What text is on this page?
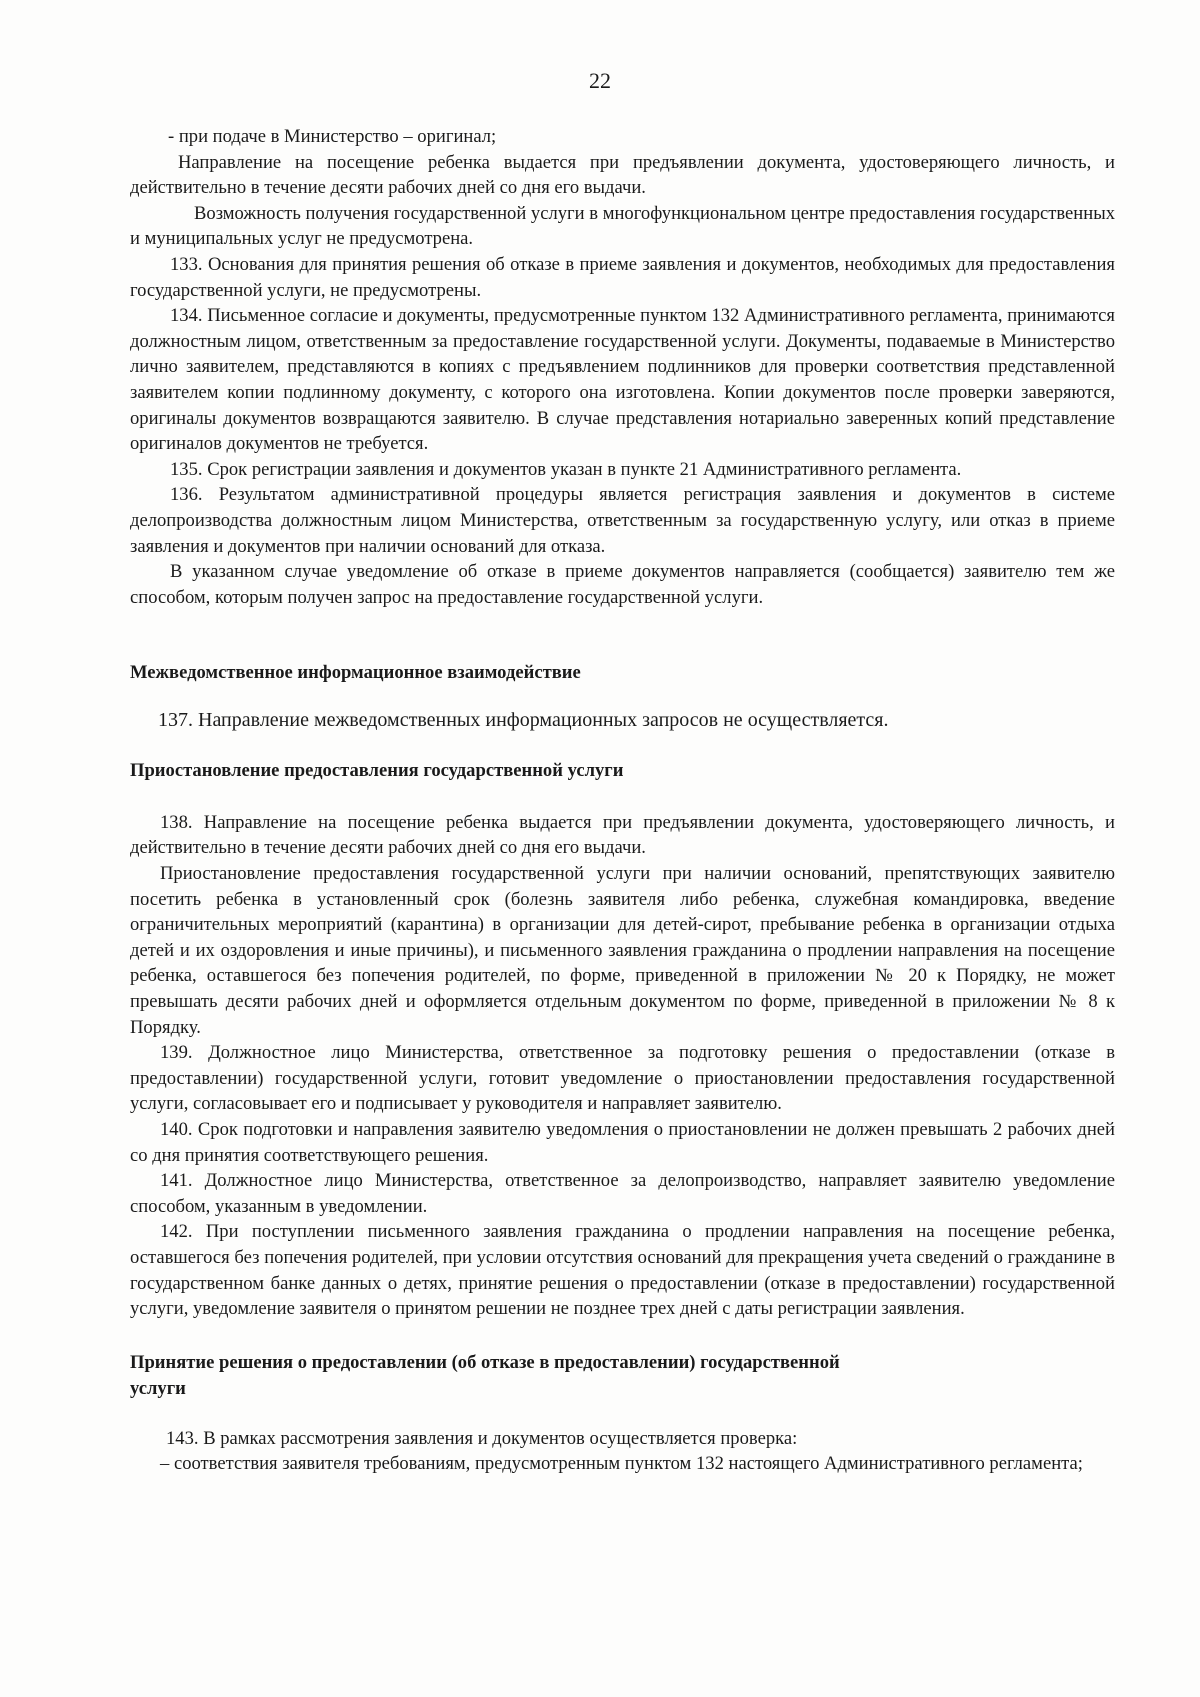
22

- при подаче в Министерство – оригинал;

Направление на посещение ребенка выдается при предъявлении документа, удостоверяющего личность, и действительно в течение десяти рабочих дней со дня его выдачи.

Возможность получения государственной услуги в многофункциональном центре предоставления государственных и муниципальных услуг не предусмотрена.

133. Основания для принятия решения об отказе в приеме заявления и документов, необходимых для предоставления государственной услуги, не предусмотрены.

134. Письменное согласие и документы, предусмотренные пунктом 132 Административного регламента, принимаются должностным лицом, ответственным за предоставление государственной услуги. Документы, подаваемые в Министерство лично заявителем, представляются в копиях с предъявлением подлинников для проверки соответствия представленной заявителем копии подлинному документу, с которого она изготовлена. Копии документов после проверки заверяются, оригиналы документов возвращаются заявителю. В случае представления нотариально заверенных копий представление оригиналов документов не требуется.

135. Срок регистрации заявления и документов указан в пункте 21 Административного регламента.

136. Результатом административной процедуры является регистрация заявления и документов в системе делопроизводства должностным лицом Министерства, ответственным за государственную услугу, или отказ в приеме заявления и документов при наличии оснований для отказа.

В указанном случае уведомление об отказе в приеме документов направляется (сообщается) заявителю тем же способом, которым получен запрос на предоставление государственной услуги.

Межведомственное информационное взаимодействие

137. Направление межведомственных информационных запросов не осуществляется.

Приостановление предоставления государственной услуги

138. Направление на посещение ребенка выдается при предъявлении документа, удостоверяющего личность, и действительно в течение десяти рабочих дней со дня его выдачи.

Приостановление предоставления государственной услуги при наличии оснований, препятствующих заявителю посетить ребенка в установленный срок (болезнь заявителя либо ребенка, служебная командировка, введение ограничительных мероприятий (карантина) в организации для детей-сирот, пребывание ребенка в организации отдыха детей и их оздоровления и иные причины), и письменного заявления гражданина о продлении направления на посещение ребенка, оставшегося без попечения родителей, по форме, приведенной в приложении № 20 к Порядку, не может превышать десяти рабочих дней и оформляется отдельным документом по форме, приведенной в приложении № 8 к Порядку.

139. Должностное лицо Министерства, ответственное за подготовку решения о предоставлении (отказе в предоставлении) государственной услуги, готовит уведомление о приостановлении предоставления государственной услуги, согласовывает его и подписывает у руководителя и направляет заявителю.

140. Срок подготовки и направления заявителю уведомления о приостановлении не должен превышать 2 рабочих дней со дня принятия соответствующего решения.

141. Должностное лицо Министерства, ответственное за делопроизводство, направляет заявителю уведомление способом, указанным в уведомлении.

142. При поступлении письменного заявления гражданина о продлении направления на посещение ребенка, оставшегося без попечения родителей, при условии отсутствия оснований для прекращения учета сведений о гражданине в государственном банке данных о детях, принятие решения о предоставлении (отказе в предоставлении) государственной услуги, уведомление заявителя о принятом решении не позднее трех дней с даты регистрации заявления.

Принятие решения о предоставлении (об отказе в предоставлении) государственной

услуги

143. В рамках рассмотрения заявления и документов осуществляется проверка:

– соответствия заявителя требованиям, предусмотренным пунктом 132 настоящего Административного регламента;
